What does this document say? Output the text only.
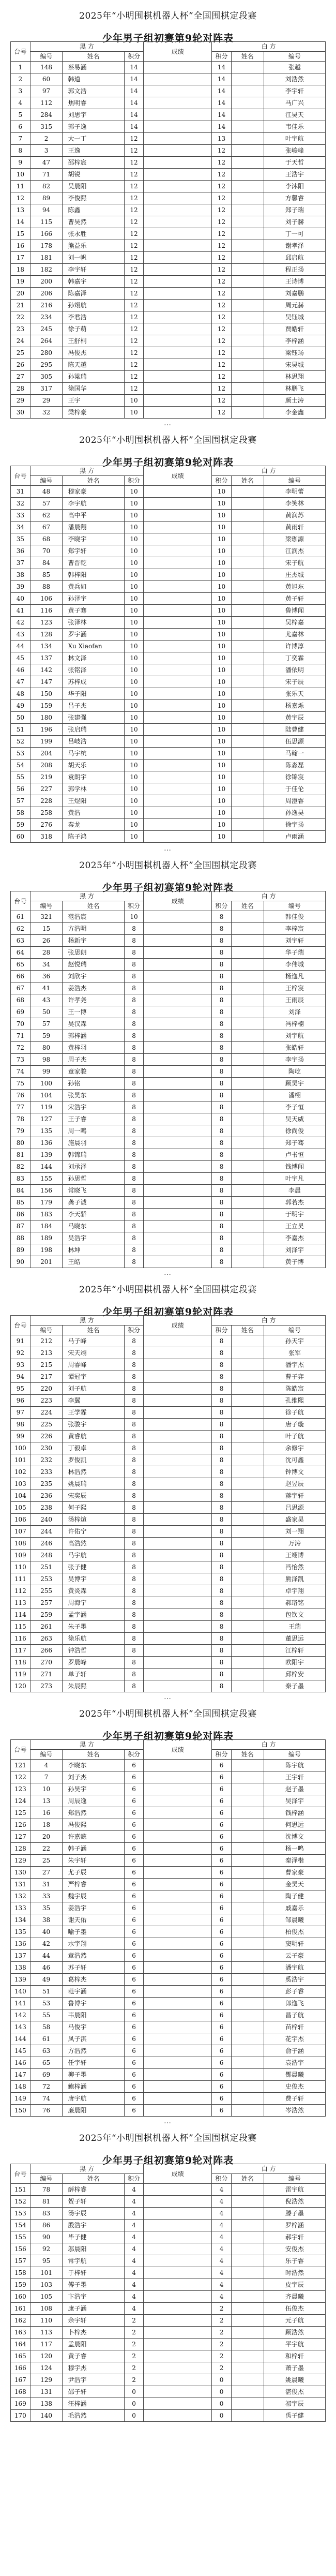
2025年“小明围棋机器人杯”全国围棋定段赛
少年男子组初赛第9轮对阵表
台号	黑 方			成绩	白 方		
	编号	姓名	积分		积分	姓名	编号
1	148	蔡易涵	14		14		张越
2	60	韩道	14		14		刘浩然
3	97	郭文浩	14		14		李宇轩
4	112	焦明睿	14		14		马广兴
5	284	刘思宇	14		14		江昊天
6	315	郭子逸	14		14		韦佳乐
7	2	大一丁	12		13		叶宇航
8	3	王逸	12		12		张峻峰
9	47	邵梓宸	12		12		于天哲
10	71	胡锐	12		12		王浩宇
11	82	吴晨阳	12		12		李沐阳
12	89	李俊熙	12		12		方馨睿
13	94	陈鑫	12		12		郑子瑞
14	115	曹昊然	12		12		刘子赫
15	166	张永胜	12		12		丁一可
16	178	熊益乐	12		12		谢孝泽
17	181	刘一帆	12		12		邱启航
18	182	李宇轩	12		12		程正扬
19	200	韩嘉宇	12		12		王诗博
20	206	陈嘉泽	12		12		刘嘉鹏
21	216	孙翊航	12		12		周元赫
22	234	李君浩	12		12		吴钰城
23	245	徐子萌	12		12		贾皓轩
24	264	王舒桐	12		12		李梓涵
25	280	冯俊杰	12		12		梁钰玚
26	295	陈天越	12		12		宋昊城
27	305	孙梁瑞	12		12		林思翔
28	317	徐国华	12		12		林鹏飞
29	29	王宇	10		12		颜士涛
30	32	梁梓豪	10		12		李金鑫
…
2025年“小明围棋机器人杯”全国围棋定段赛
少年男子组初赛第9轮对阵表
台号	黑 方			成绩	白 方		
	编号	姓名	积分		积分	姓名	编号
31	48	穆家豪	10		10		李明蕾
32	57	李宇航	10		10		李笑林
33	62	高中平	10		10		黄润苏
34	67	潘晨翔	10		10		黄雨轩
35	68	李晓宇	10		10		梁珈源
36	70	郑宇轩	10		10		江润杰
37	84	曹晋乾	10		10		宋子航
38	85	韩梓阳	10		10		庄杰城
39	88	黄兵如	10		10		黄旭东
40	106	孙泽宇	10		10		黄子轩
41	116	黄子骞	10		10		鲁博闻
42	123	张泽林	10		10		吴梓嘉
43	128	罗宇涵	10		10		尤嘉林
44	134	Xu Xiaofan	10		10		许博淳
45	137	林文泽	10		10		丁奕霖
46	142	张铭泽	10		10		潘依明
47	147	苏梓成	10		10		宋子辰
48	150	华子阳	10		10		张乐天
49	159	吕子杰	10		10		杨嘉烁
50	180	张建强	10		10		黄宇辰
51	196	张启瑞	10		10		陆曹健
52	199	吕岐浩	10		10		伍思源
53	204	马宇杭	10		10		马翰一
54	208	胡天乐	10		10		陈淼磊
55	219	袁朗宇	10		10		徐锦宸
56	227	郭学林	10		10		于佳伦
57	228	王煜阳	10		10		周澄睿
58	258	黄浩	10		10		孙逸昊
59	276	秦龙	10		10		徐宇扬
60	318	陈子鸿	10		10		卢雨涵
…
2025年“小明围棋机器人杯”全国围棋定段赛
少年男子组初赛第9轮对阵表
台号	黑 方			成绩	白 方		
	编号	姓名	积分		积分	姓名	编号
61	321	范浩宸	10		8		韩佳俊
62	15	方浩明	8		8		李梓宸
63	26	杨新宇	8		8		刘宇轩
64	28	张思朗	8		8		华子瑞
65	34	赵悦瑞	8		8		李伟城
66	36	刘欣宇	8		8		杨逸凡
67	41	姜浩杰	8		8		王梓宸
68	43	许孝尧	8		8		王雨辰
69	50	王一博	8		8		刘泽
70	57	吴汉森	8		8		冯梓楠
71	59	郭梓涵	8		8		刘宇航
72	80	黄梓羽	8		8		张皓轩
73	98	周子杰	8		8		李宇扬
74	99	童家骏	8		8		陶屹
75	100	孙铭	8		8		顾昊宇
76	104	张昊东	8		8		潘栩
77	119	宋浩宇	8		8		李子恒
78	127	王子睿	8		8		吴天威
79	135	周一鸣	8		8		徐尚俊
80	136	施晨羽	8		8		郑子骞
81	139	韩锦瑞	8		8		卢书恒
82	144	刘承泽	8		8		钱博闻
83	155	孙思哲	8		8		叶宇凡
84	156	常晓飞	8		8		李晨
85	179	龚子诚	8		8		郭若杰
86	183	李天骄	8		8		于明宇
87	184	马晓东	8		8		王立昊
88	189	吴浩宇	8		8		李嘉杰
89	198	林坤	8		8		刘泽宇
90	201	王皓	8		8		黄子博
…
2025年“小明围棋机器人杯”全国围棋定段赛
少年男子组初赛第9轮对阵表
台号	黑 方			成绩	白 方		
	编号	姓名	积分		积分	姓名	编号
91	212	马子峰	8		8		孙天宇
92	213	宋天翊	8		8		张军
93	215	周睿峰	8		8		潘宇杰
94	217	谭冠宇	8		8		曹子弈
95	220	刘子航	8		8		陈皓宸
96	223	李翼	8		8		孔维熙
97	224	王学霖	8		8		徐子航
98	225	张骏宇	8		8		唐子璇
99	226	黄睿航	8		8		叶子航
100	230	丁毅卓	8		8		余修宇
101	232	罗俊凯	8		8		沈可鑫
102	233	林浩然	8		8		钟博文
103	235	姚晨瑞	8		8		赵昱辰
104	236	宋奕辰	8		8		蒋宇轩
105	238	何子熙	8		8		吕思源
106	240	汤梓煊	8		8		盛家昊
107	244	许佑宁	8		8		刘一翔
108	246	高浩然	8		8		万涛
109	248	马宇航	8		8		王翊博
110	251	张子健	8		8		冯怡然
111	253	吴博宇	8		8		熊泽凯
112	255	黄炎森	8		8		卓宇翔
113	257	周海宁	8		8		郝珞铭
114	259	孟宇涵	8		8		包钦文
115	261	朱子墨	8		8		王瑞
116	263	徐乐航	8		8		董思远
117	266	钟浩哲	8		8		江梓轩
118	270	罗晨峰	8		8		欧阳宇
119	271	单子轩	8		8		邱梓安
120	273	朱辰熙	8		8		秦子墨
…
2025年“小明围棋机器人杯”全国围棋定段赛
少年男子组初赛第9轮对阵表
台号	黑 方			成绩	白 方		
	编号	姓名	积分		积分	姓名	编号
121	4	李晓东	6		6		陈宇航
122	7	刘子杰	6		6		王宇轩
123	10	孙昊宇	6		6		赵子墨
124	13	周辰逸	6		6		吴泽宇
125	16	郑浩然	6		6		钱梓涵
126	18	冯俊熙	6		6		何思远
127	20	许嘉懿	6		6		沈博文
128	22	韩子涵	6		6		杨一鸣
129	25	朱宇轩	6		6		秦泽楷
130	27	尤子辰	6		6		曹家豪
131	31	严梓睿	6		6		金昊天
132	33	魏宇辰	6		6		陶子健
133	35	姜浩宇	6		6		戚嘉乐
134	38	谢天佑	6		6		邹晨曦
135	40	喻子墨	6		6		柏俊杰
136	42	水宇翔	6		6		窦明轩
137	44	章浩然	6		6		云子豪
138	46	苏子轩	6		6		潘宇航
139	49	葛梓杰	6		6		奚浩宇
140	51	范宇涵	6		6		彭子睿
141	53	鲁博宇	6		6		郎逸飞
142	55	韦晨阳	6		6		昌子航
143	58	马俊宇	6		6		苗梓轩
144	61	凤子淇	6		6		花宇杰
145	63	方浩然	6		6		俞子涵
146	65	任宇轩	6		6		袁浩宇
147	69	柳子墨	6		6		酆晨曦
148	72	鲍梓涵	6		6		史俊杰
149	74	唐宇航	6		6		费子轩
150	76	廉晨阳	6		6		岑浩然
…
2025年“小明围棋机器人杯”全国围棋定段赛
少年男子组初赛第9轮对阵表
台号	黑 方			成绩	白 方		
	编号	姓名	积分		积分	姓名	编号
151	78	薛梓睿	4		4		雷宇航
152	81	贺子轩	4		4		倪浩然
153	83	汤宇辰	4		4		滕子墨
154	86	殷浩宇	4		4		罗梓涵
155	90	毕子健	4		4		郝宇轩
156	92	邬晨阳	4		4		安俊杰
157	95	常宇航	4		4		乐子睿
158	101	于梓轩	4		4		时浩然
159	103	傅子墨	4		4		皮宇辰
160	105	卞浩宇	4		4		齐晨曦
161	108	康子涵	4		2		伍俊杰
162	110	余宇轩	2		2		元子航
163	113	卜梓杰	2		2		顾浩然
164	117	孟晨阳	2		2		平宇航
165	120	黄子睿	2		2		和梓轩
166	124	穆宇杰	2		2		萧子墨
167	129	尹浩宇	2		0		姚晨曦
168	131	邵子轩	0		0		湛俊杰
169	138	汪梓涵	0		0		祁宇辰
170	140	毛浩然	0		0		禹子健
